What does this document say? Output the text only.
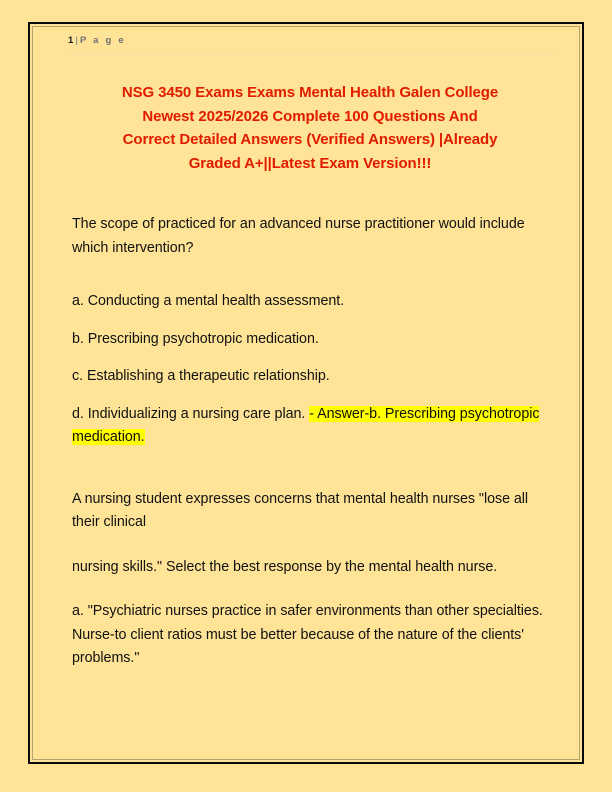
1 | P a g e
NSG 3450 Exams Exams Mental Health Galen College
Newest 2025/2026 Complete 100 Questions And
Correct Detailed Answers (Verified Answers) |Already
Graded A+||Latest Exam Version!!!

The scope of practiced for an advanced nurse practitioner would include which intervention?

a. Conducting a mental health assessment.

b. Prescribing psychotropic medication.

c. Establishing a therapeutic relationship.

d. Individualizing a nursing care plan. - Answer-b. Prescribing psychotropic medication.

A nursing student expresses concerns that mental health nurses "lose all their clinical

nursing skills." Select the best response by the mental health nurse.

a. "Psychiatric nurses practice in safer environments than other specialties. Nurse-to client ratios must be better because of the nature of the clients' problems."
